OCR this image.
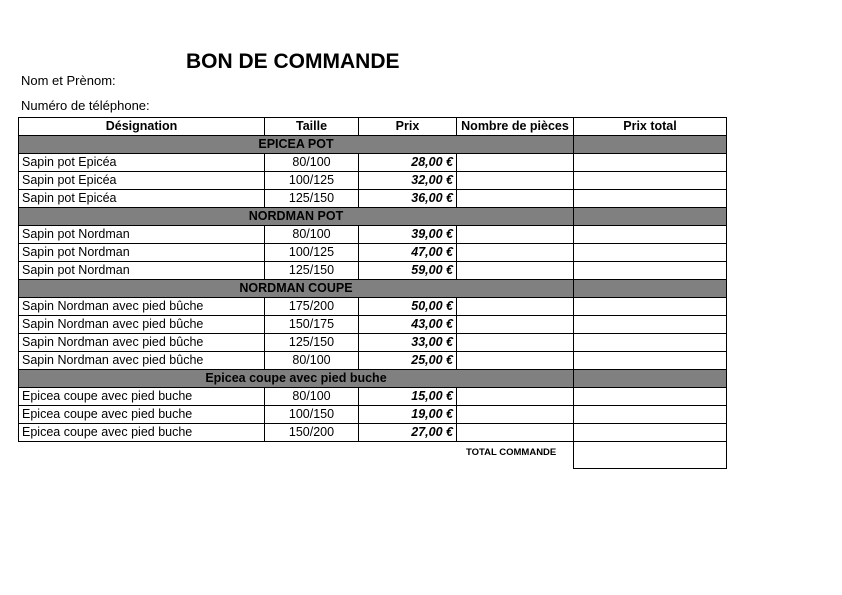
BON DE COMMANDE
Nom et Prènom:
Numéro de téléphone:
Désignation	Taille	Prix	Nombre de pièces	Prix total
EPICEA POT				
Sapin pot Epicéa	80/100	28,00 €		
Sapin pot Epicéa	100/125	32,00 €		
Sapin pot Epicéa	125/150	36,00 €		
NORDMAN POT				
Sapin pot Nordman	80/100	39,00 €		
Sapin pot Nordman	100/125	47,00 €		
Sapin pot Nordman	125/150	59,00 €		
NORDMAN COUPE				
Sapin Nordman avec pied bûche	175/200	50,00 €		
Sapin Nordman avec pied bûche	150/175	43,00 €		
Sapin Nordman avec pied bûche	125/150	33,00 €		
Sapin Nordman avec pied bûche	80/100	25,00 €		
Epicea coupe avec pied buche				
Epicea coupe avec pied buche	80/100	15,00 €		
Epicea coupe avec pied buche	100/150	19,00 €		
Epicea coupe avec pied buche	150/200	27,00 €		
TOTAL COMMANDE
